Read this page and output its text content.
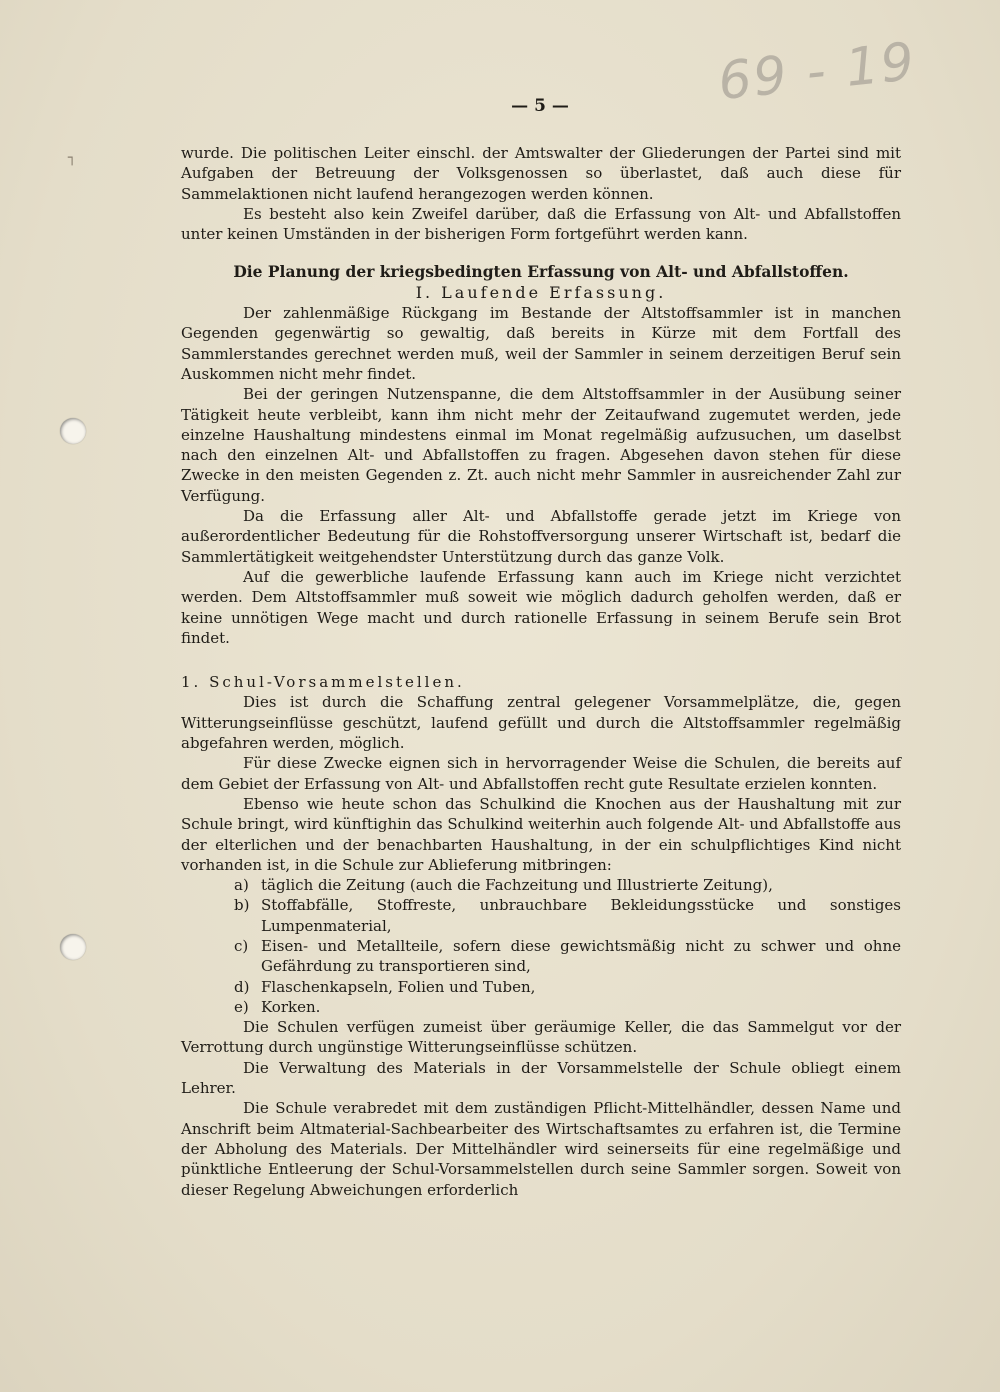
┐
69 - 19
— 5 —

wurde. Die politischen Leiter einschl. der Amtswalter der Gliederungen der Partei sind mit Aufgaben der Betreuung der Volksgenossen so überlastet, daß auch diese für Sammelaktionen nicht laufend herangezogen werden können.

Es besteht also kein Zweifel darüber, daß die Erfassung von Alt- und Abfallstoffen unter keinen Umständen in der bisherigen Form fortgeführt werden kann.

Die Planung der kriegsbedingten Erfassung von Alt- und Abfallstoffen.

I. Laufende Erfassung.

Der zahlenmäßige Rückgang im Bestande der Altstoffsammler ist in manchen Gegenden gegenwärtig so gewaltig, daß bereits in Kürze mit dem Fortfall des Sammlerstandes gerechnet werden muß, weil der Sammler in seinem derzeitigen Beruf sein Auskommen nicht mehr findet.

Bei der geringen Nutzenspanne, die dem Altstoffsammler in der Ausübung seiner Tätigkeit heute verbleibt, kann ihm nicht mehr der Zeitaufwand zugemutet werden, jede einzelne Haushaltung mindestens einmal im Monat regelmäßig aufzusuchen, um daselbst nach den einzelnen Alt- und Abfallstoffen zu fragen. Abgesehen davon stehen für diese Zwecke in den meisten Gegenden z. Zt. auch nicht mehr Sammler in ausreichender Zahl zur Verfügung.

Da die Erfassung aller Alt- und Abfallstoffe gerade jetzt im Kriege von außerordentlicher Bedeutung für die Rohstoffversorgung unserer Wirtschaft ist, bedarf die Sammlertätigkeit weitgehendster Unterstützung durch das ganze Volk.

Auf die gewerbliche laufende Erfassung kann auch im Kriege nicht verzichtet werden. Dem Altstoffsammler muß soweit wie möglich dadurch geholfen werden, daß er keine unnötigen Wege macht und durch rationelle Erfassung in seinem Berufe sein Brot findet.

1. Schul-Vorsammelstellen.

Dies ist durch die Schaffung zentral gelegener Vorsammelplätze, die, gegen Witterungseinflüsse geschützt, laufend gefüllt und durch die Altstoffsammler regelmäßig abgefahren werden, möglich.

Für diese Zwecke eignen sich in hervorragender Weise die Schulen, die bereits auf dem Gebiet der Erfassung von Alt- und Abfallstoffen recht gute Resultate erzielen konnten.

Ebenso wie heute schon das Schulkind die Knochen aus der Haushaltung mit zur Schule bringt, wird künftighin das Schulkind weiterhin auch folgende Alt- und Abfallstoffe aus der elterlichen und der benachbarten Haushaltung, in der ein schulpflichtiges Kind nicht vorhanden ist, in die Schule zur Ablieferung mitbringen:

a) täglich die Zeitung (auch die Fachzeitung und Illustrierte Zeitung),
b) Stoffabfälle, Stoffreste, unbrauchbare Bekleidungsstücke und sonstiges Lumpenmaterial,
c) Eisen- und Metallteile, sofern diese gewichtsmäßig nicht zu schwer und ohne Gefährdung zu transportieren sind,
d) Flaschenkapseln, Folien und Tuben,
e) Korken.

Die Schulen verfügen zumeist über geräumige Keller, die das Sammelgut vor der Verrottung durch ungünstige Witterungseinflüsse schützen.

Die Verwaltung des Materials in der Vorsammelstelle der Schule obliegt einem Lehrer.

Die Schule verabredet mit dem zuständigen Pflicht-Mittelhändler, dessen Name und Anschrift beim Altmaterial-Sachbearbeiter des Wirtschaftsamtes zu erfahren ist, die Termine der Abholung des Materials. Der Mittelhändler wird seinerseits für eine regelmäßige und pünktliche Entleerung der Schul-Vorsammelstellen durch seine Sammler sorgen. Soweit von dieser Regelung Abweichungen erforderlich
